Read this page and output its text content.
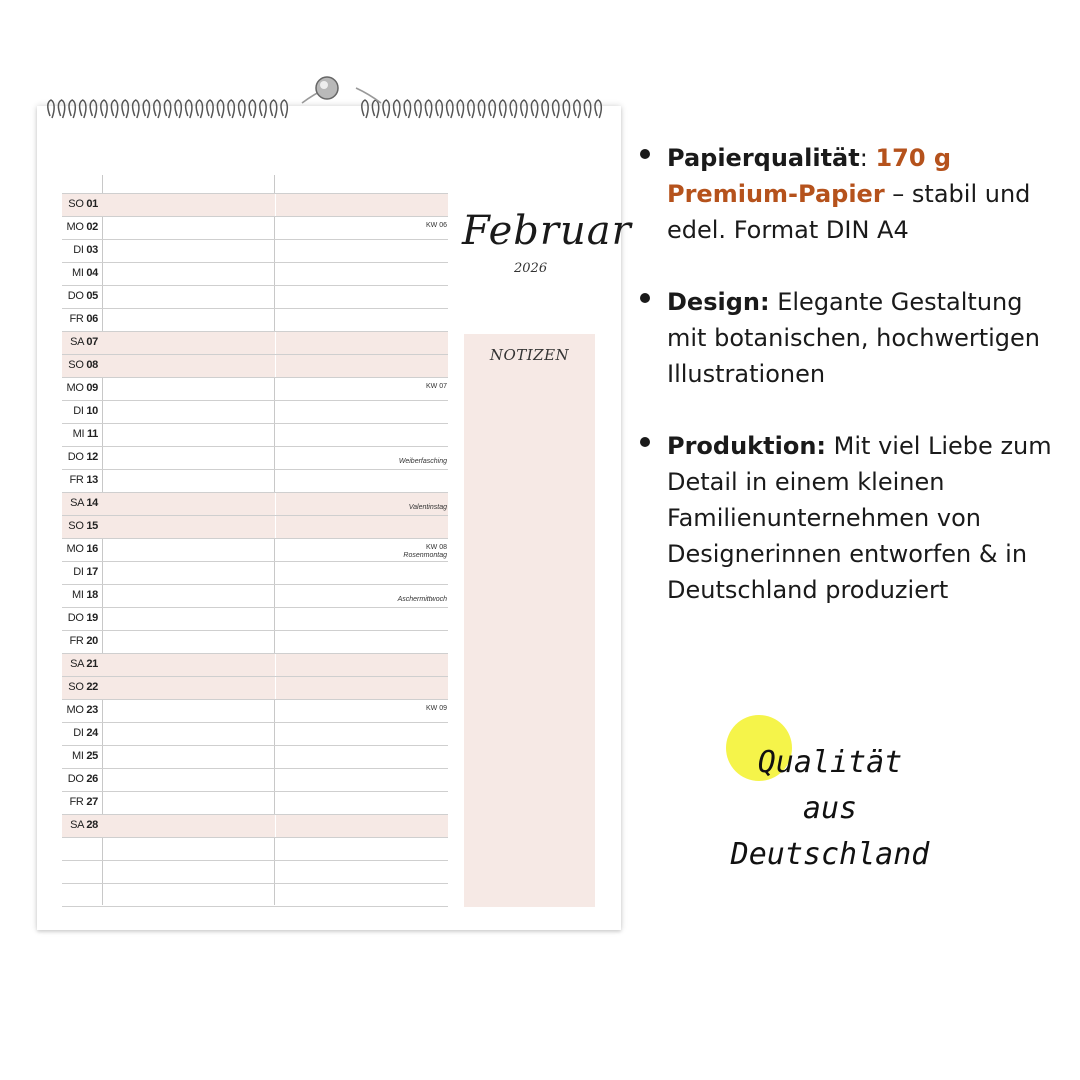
SO 01
MO 02	KW 06
DI 03
MI 04
DO 05
FR 06
SA 07
SO 08
MO 09	KW 07
DI 10
MI 11
DO 12	Weiberfasching
FR 13
SA 14	Valentinstag
SO 15
MO 16	KW 08
Rosenmontag
DI 17
MI 18	Aschermittwoch
DO 19
FR 20
SA 21
SO 22
MO 23	KW 09
DI 24
MI 25
DO 26
FR 27
SA 28
Februar
2026
NOTIZEN

Papierqualität: 170 g Premium-Papier – stabil und edel. Format DIN A4

Design: Elegante Gestaltung mit botanischen, hochwertigen Illustrationen

Produktion: Mit viel Liebe zum Detail in einem kleinen Familienunternehmen von Designerinnen entworfen & in Deutschland produziert

Qualität
aus Deutschland
